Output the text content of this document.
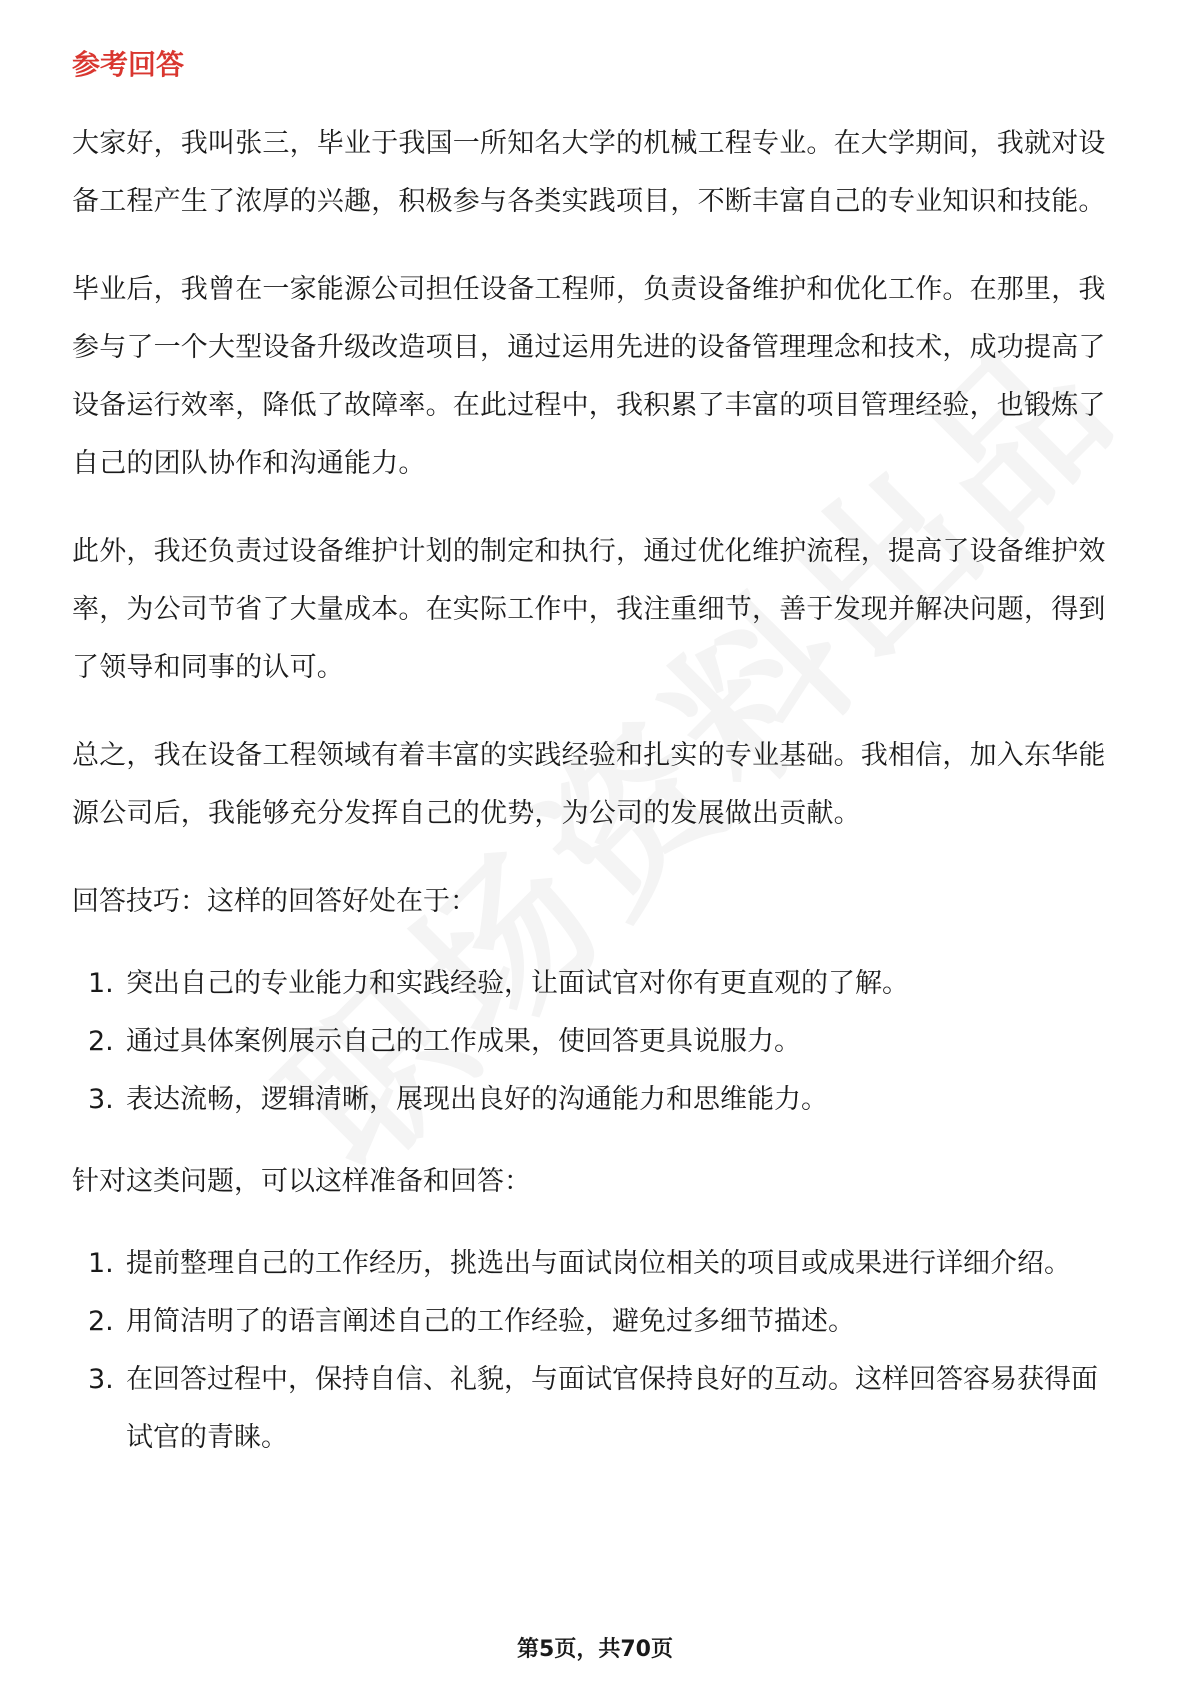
参考回答

大家好，我叫张三，毕业于我国一所知名大学的机械工程专业。在大学期间，我就对设备工程产生了浓厚的兴趣，积极参与各类实践项目，不断丰富自己的专业知识和技能。

毕业后，我曾在一家能源公司担任设备工程师，负责设备维护和优化工作。在那里，我参与了一个大型设备升级改造项目，通过运用先进的设备管理理念和技术，成功提高了设备运行效率，降低了故障率。在此过程中，我积累了丰富的项目管理经验，也锻炼了自己的团队协作和沟通能力。

此外，我还负责过设备维护计划的制定和执行，通过优化维护流程，提高了设备维护效率，为公司节省了大量成本。在实际工作中，我注重细节，善于发现并解决问题，得到了领导和同事的认可。

总之，我在设备工程领域有着丰富的实践经验和扎实的专业基础。我相信，加入东华能源公司后，我能够充分发挥自己的优势，为公司的发展做出贡献。

回答技巧：这样的回答好处在于：

1. 突出自己的专业能力和实践经验，让面试官对你有更直观的了解。
2. 通过具体案例展示自己的工作成果，使回答更具说服力。
3. 表达流畅，逻辑清晰，展现出良好的沟通能力和思维能力。

针对这类问题，可以这样准备和回答：

1. 提前整理自己的工作经历，挑选出与面试岗位相关的项目或成果进行详细介绍。
2. 用简洁明了的语言阐述自己的工作经验，避免过多细节描述。
3. 在回答过程中，保持自信、礼貌，与面试官保持良好的互动。这样回答容易获得面试官的青睐。
第5页，共70页
